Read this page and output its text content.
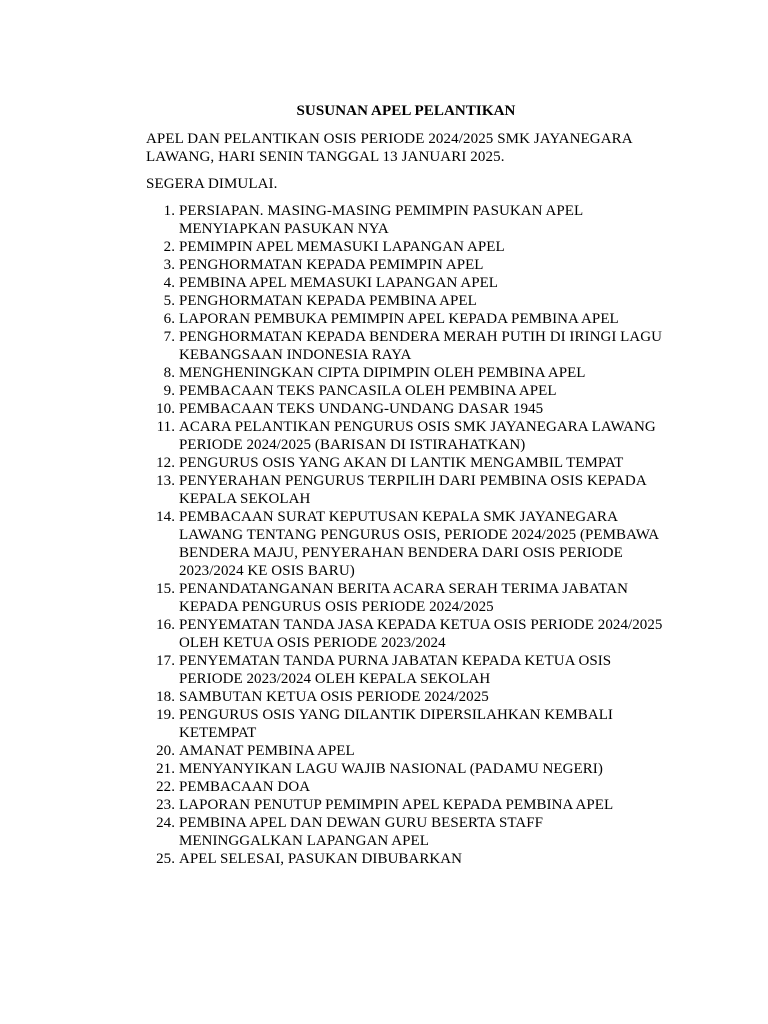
SUSUNAN APEL PELANTIKAN
APEL DAN PELANTIKAN OSIS PERIODE 2024/2025 SMK JAYANEGARA LAWANG, HARI SENIN TANGGAL 13 JANUARI 2025.
SEGERA DIMULAI.
1. PERSIAPAN. MASING-MASING PEMIMPIN PASUKAN APEL MENYIAPKAN PASUKAN NYA
2. PEMIMPIN APEL MEMASUKI LAPANGAN APEL
3. PENGHORMATAN KEPADA PEMIMPIN APEL
4. PEMBINA APEL MEMASUKI LAPANGAN APEL
5. PENGHORMATAN KEPADA PEMBINA APEL
6. LAPORAN PEMBUKA PEMIMPIN APEL KEPADA PEMBINA APEL
7. PENGHORMATAN KEPADA BENDERA MERAH PUTIH DI IRINGI LAGU KEBANGSAAN INDONESIA RAYA
8. MENGHENINGKAN CIPTA DIPIMPIN OLEH PEMBINA APEL
9. PEMBACAAN TEKS PANCASILA OLEH PEMBINA APEL
10. PEMBACAAN TEKS UNDANG-UNDANG DASAR 1945
11. ACARA PELANTIKAN PENGURUS OSIS SMK JAYANEGARA LAWANG PERIODE 2024/2025 (BARISAN DI ISTIRAHATKAN)
12. PENGURUS OSIS YANG AKAN DI LANTIK MENGAMBIL TEMPAT
13. PENYERAHAN PENGURUS TERPILIH DARI PEMBINA OSIS KEPADA KEPALA SEKOLAH
14. PEMBACAAN SURAT KEPUTUSAN KEPALA SMK JAYANEGARA LAWANG TENTANG PENGURUS OSIS, PERIODE 2024/2025 (PEMBAWA BENDERA MAJU, PENYERAHAN BENDERA DARI OSIS PERIODE 2023/2024 KE OSIS BARU)
15. PENANDATANGANAN BERITA ACARA SERAH TERIMA JABATAN KEPADA PENGURUS OSIS PERIODE 2024/2025
16. PENYEMATAN TANDA JASA KEPADA KETUA OSIS PERIODE 2024/2025 OLEH KETUA OSIS PERIODE 2023/2024
17. PENYEMATAN TANDA PURNA JABATAN KEPADA KETUA OSIS PERIODE 2023/2024 OLEH KEPALA SEKOLAH
18. SAMBUTAN KETUA OSIS PERIODE 2024/2025
19. PENGURUS OSIS YANG DILANTIK DIPERSILAHKAN KEMBALI KETEMPAT
20. AMANAT PEMBINA APEL
21. MENYANYIKAN LAGU WAJIB NASIONAL (PADAMU NEGERI)
22. PEMBACAAN DOA
23. LAPORAN PENUTUP PEMIMPIN APEL KEPADA PEMBINA APEL
24. PEMBINA APEL DAN DEWAN GURU BESERTA STAFF MENINGGALKAN LAPANGAN APEL
25. APEL SELESAI, PASUKAN DIBUBARKAN
